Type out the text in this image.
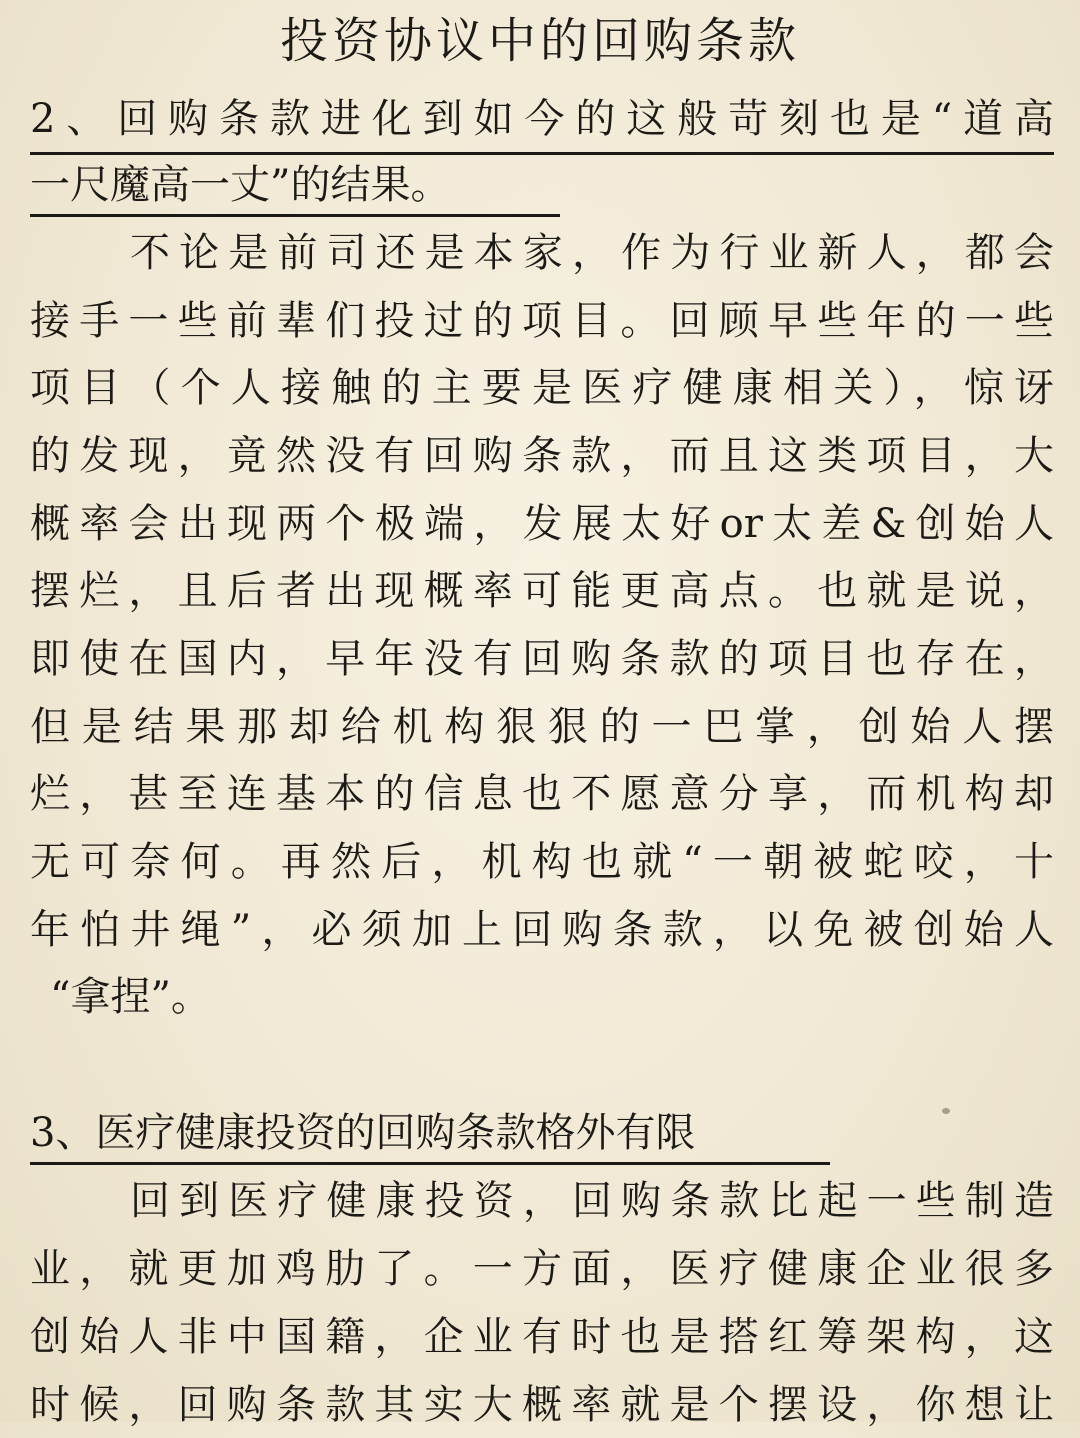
投资协议中的回购条款
2、回购条款进化到如今的这般苛刻也是“道高
一尺魔高一丈”的结果。
不论是前司还是本家，作为行业新人，都会
接手一些前辈们投过的项目。回顾早些年的一些
项目（个人接触的主要是医疗健康相关），惊讶
的发现，竟然没有回购条款，而且这类项目，大
概率会出现两个极端，发展太好or太差&创始人
摆烂，且后者出现概率可能更高点。也就是说，
即使在国内，早年没有回购条款的项目也存在，
但是结果那却给机构狠狠的一巴掌，创始人摆
烂，甚至连基本的信息也不愿意分享，而机构却
无可奈何。再然后，机构也就“一朝被蛇咬，十
年怕井绳”，必须加上回购条款，以免被创始人
“拿捏”。
3、医疗健康投资的回购条款格外有限
回到医疗健康投资，回购条款比起一些制造
业，就更加鸡肋了。一方面，医疗健康企业很多
创始人非中国籍，企业有时也是搭红筹架构，这
时候，回购条款其实大概率就是个摆设，你想让
